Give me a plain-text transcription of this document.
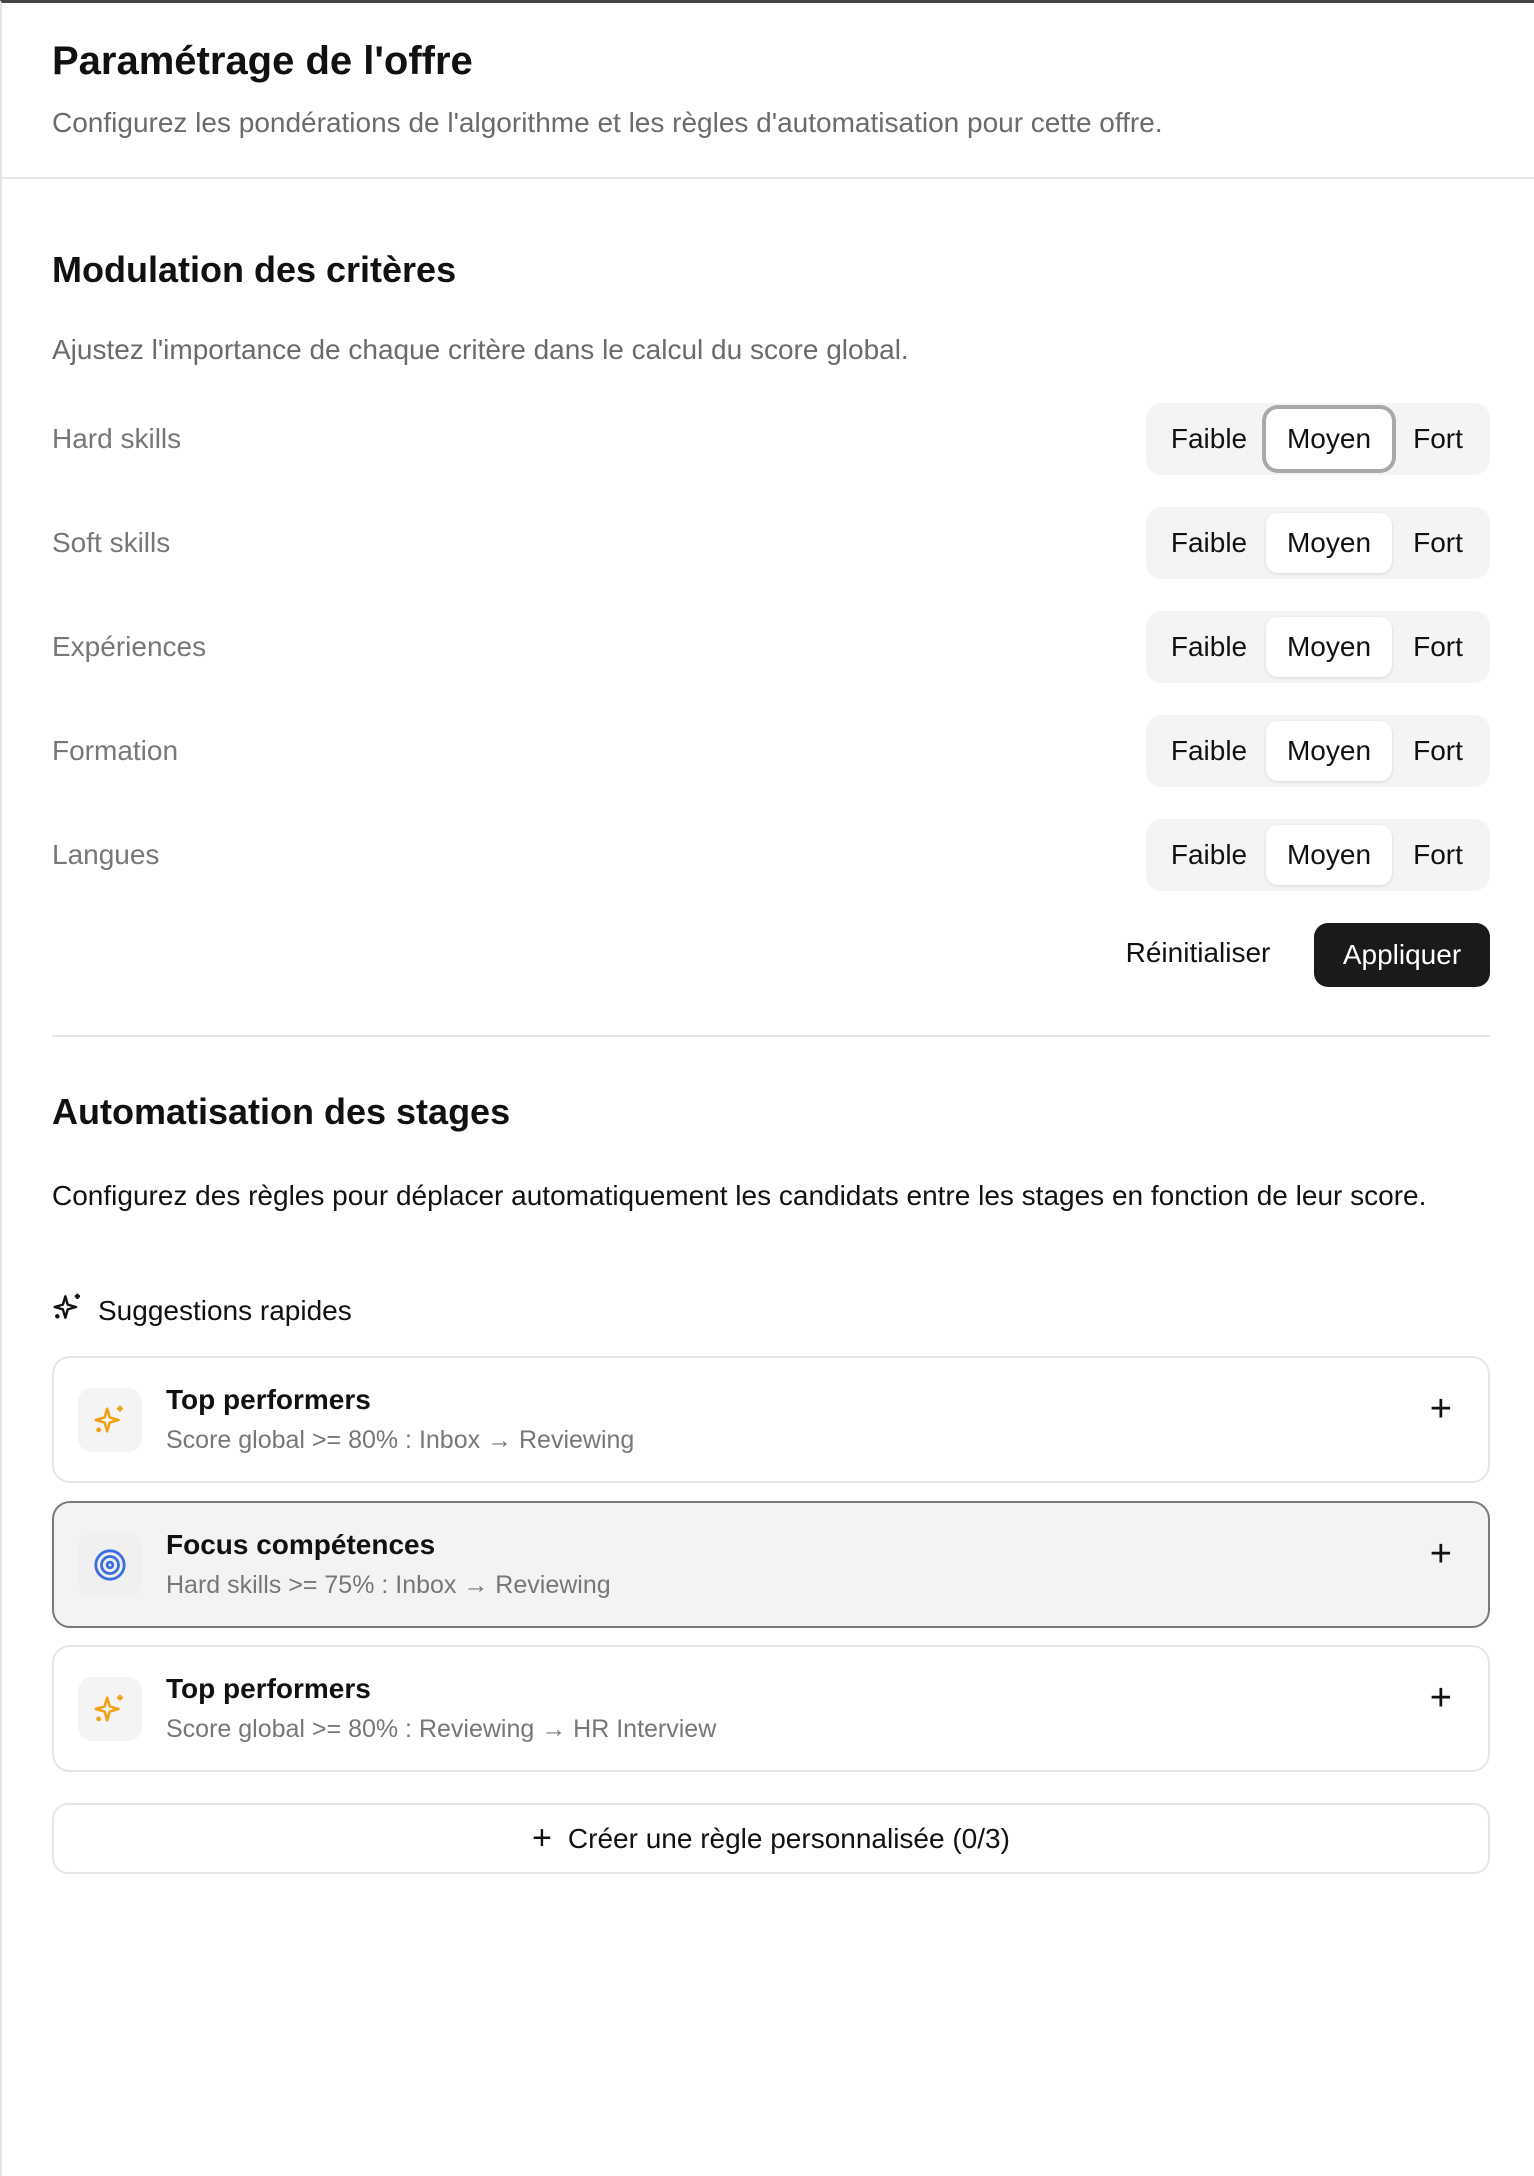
Paramétrage de l'offre
Configurez les pondérations de l'algorithme et les règles d'automatisation pour cette offre.
Modulation des critères
Ajustez l'importance de chaque critère dans le calcul du score global.
Hard skills	Faible	Moyen	Fort
Soft skills	Faible	Moyen	Fort
Expériences	Faible	Moyen	Fort
Formation	Faible	Moyen	Fort
Langues	Faible	Moyen	Fort
Réinitialiser	Appliquer
Automatisation des stages
Configurez des règles pour déplacer automatiquement les candidats entre les stages en fonction de leur score.
Suggestions rapides
Top performers
Score global >= 80% : Inbox → Reviewing
+
Focus compétences
Hard skills >= 75% : Inbox → Reviewing
+
Top performers
Score global >= 80% : Reviewing → HR Interview
+
+ Créer une règle personnalisée (0/3)
